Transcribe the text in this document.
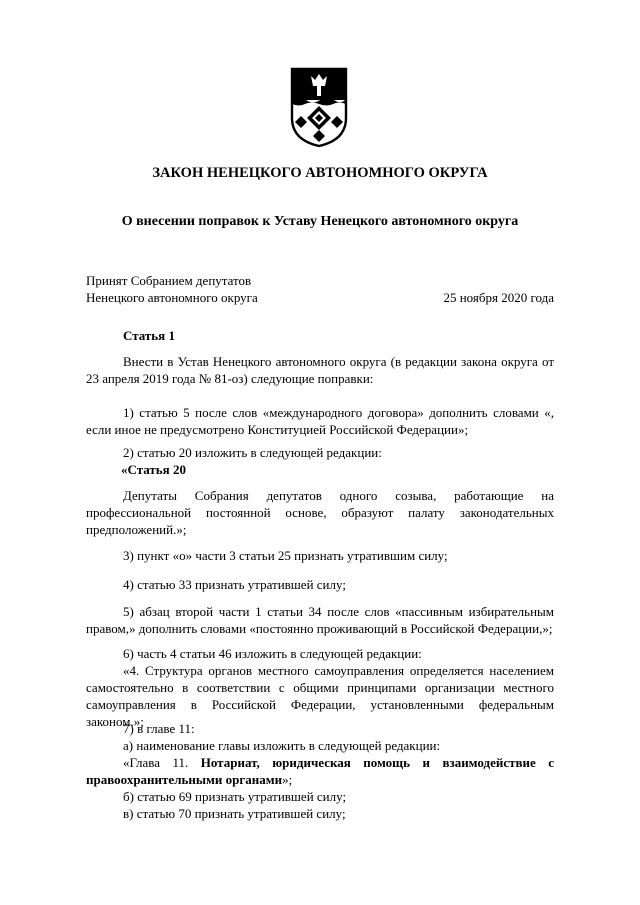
ЗАКОН НЕНЕЦКОГО АВТОНОМНОГО ОКРУГА
О внесении поправок к Уставу Ненецкого автономного округа
Принят Собранием депутатов
Ненецкого автономного округа	25 ноября 2020 года

Статья 1

Внести в Устав Ненецкого автономного округа (в редакции закона округа от 23 апреля 2019 года № 81-оз) следующие поправки:

1) статью 5 после слов «международного договора» дополнить словами «, если иное не предусмотрено Конституцией Российской Федерации»;

2) статью 20 изложить в следующей редакции:

«Статья 20

Депутаты Собрания депутатов одного созыва, работающие на профессиональной постоянной основе, образуют палату законодательных предположений.»;

3) пункт «о» части 3 статьи 25 признать утратившим силу;

4) статью 33 признать утратившей силу;

5) абзац второй части 1 статьи 34 после слов «пассивным избирательным правом,» дополнить словами «постоянно проживающий в Российской Федерации,»;

6) часть 4 статьи 46 изложить в следующей редакции:

«4. Структура органов местного самоуправления определяется населением самостоятельно в соответствии с общими принципами организации местного самоуправления в Российской Федерации, установленными федеральным законом.»;

7) в главе 11:

а) наименование главы изложить в следующей редакции:

«Глава 11. Нотариат, юридическая помощь и взаимодействие с правоохранительными органами»;

б) статью 69 признать утратившей силу;

в) статью 70 признать утратившей силу;
